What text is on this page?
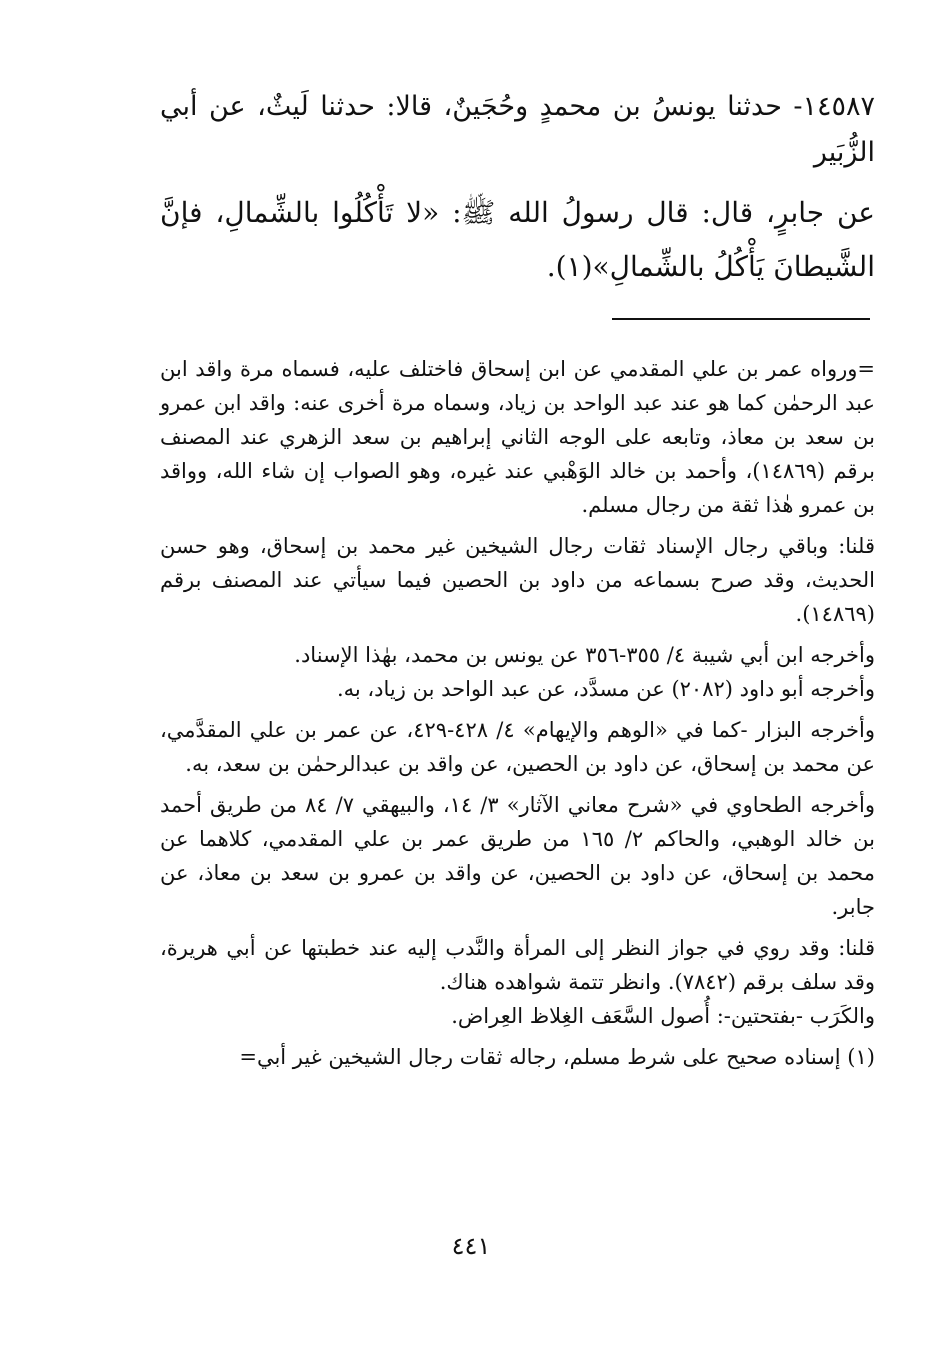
١٤٥٨٧- حدثنا يونسُ بن محمدٍ وحُجَينٌ، قالا: حدثنا لَيثٌ، عن أبي الزُّبَير

عن جابرٍ، قال: قال رسولُ الله ﷺ: «لا تَأْكُلُوا بالشِّمالِ، فإنَّ الشَّيطانَ يَأْكُلُ بالشِّمالِ»(١).

=ورواه عمر بن علي المقدمي عن ابن إسحاق فاختلف عليه، فسماه مرة واقد ابن عبد الرحمٰن كما هو عند عبد الواحد بن زياد، وسماه مرة أخرى عنه: واقد ابن عمرو بن سعد بن معاذ، وتابعه على الوجه الثاني إبراهيم بن سعد الزهري عند المصنف برقم (١٤٨٦٩)، وأحمد بن خالد الوَهْبي عند غيره، وهو الصواب إن شاء الله، وواقد بن عمرو هٰذا ثقة من رجال مسلم.

قلنا: وباقي رجال الإسناد ثقات رجال الشيخين غير محمد بن إسحاق، وهو حسن الحديث، وقد صرح بسماعه من داود بن الحصين فيما سيأتي عند المصنف برقم (١٤٨٦٩).

وأخرجه ابن أبي شيبة ٤/ ٣٥٥-٣٥٦ عن يونس بن محمد، بهٰذا الإسناد.

وأخرجه أبو داود (٢٠٨٢) عن مسدَّد، عن عبد الواحد بن زياد، به.

وأخرجه البزار -كما في «الوهم والإيهام» ٤/ ٤٢٨-٤٢٩، عن عمر بن علي المقدَّمي، عن محمد بن إسحاق، عن داود بن الحصين، عن واقد بن عبدالرحمٰن بن سعد، به.

وأخرجه الطحاوي في «شرح معاني الآثار» ٣/ ١٤، والبيهقي ٧/ ٨٤ من طريق أحمد بن خالد الوهبي، والحاكم ٢/ ١٦٥ من طريق عمر بن علي المقدمي، كلاهما عن محمد بن إسحاق، عن داود بن الحصين، عن واقد بن عمرو بن سعد بن معاذ، عن جابر.

قلنا: وقد روي في جواز النظر إلى المرأة والنَّدب إليه عند خطبتها عن أبي هريرة، وقد سلف برقم (٧٨٤٢). وانظر تتمة شواهده هناك.

والكَرَب -بفتحتين-: أُصول السَّعَف الغِلاظ العِراض.

(١) إسناده صحيح على شرط مسلم، رجاله ثقات رجال الشيخين غير أبي=

٤٤١
